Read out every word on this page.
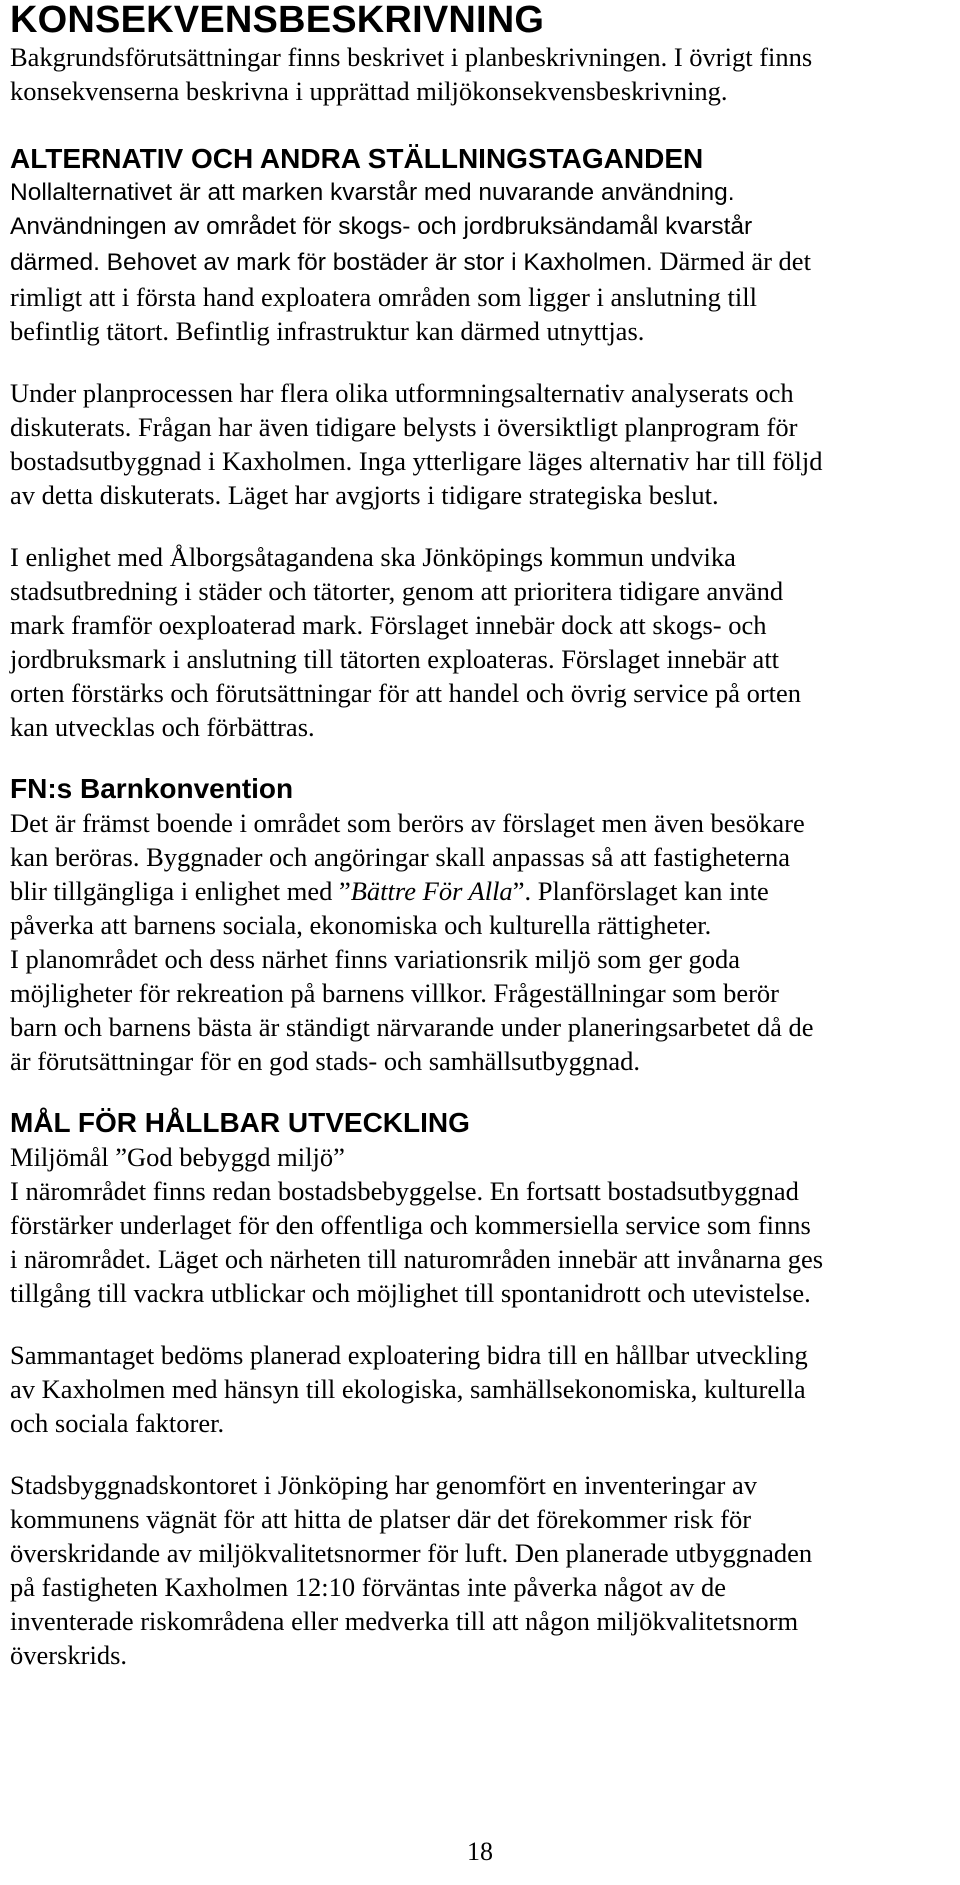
KONSEKVENSBESKRIVNING

Bakgrundsförutsättningar finns beskrivet i planbeskrivningen. I övrigt finns

konsekvenserna beskrivna i upprättad miljökonsekvensbeskrivning.

ALTERNATIV OCH ANDRA STÄLLNINGSTAGANDEN

Nollalternativet är att marken kvarstår med nuvarande användning.

Användningen av området för skogs- och jordbruksändamål kvarstår

därmed. Behovet av mark för bostäder är stor i Kaxholmen. Därmed är det

rimligt att i första hand exploatera områden som ligger i anslutning till

befintlig tätort. Befintlig infrastruktur kan därmed utnyttjas.

Under planprocessen har flera olika utformningsalternativ analyserats och

diskuterats. Frågan har även tidigare belysts i översiktligt planprogram för

bostadsutbyggnad i Kaxholmen. Inga ytterligare läges alternativ har till följd

av detta diskuterats. Läget har avgjorts i tidigare strategiska beslut.

I enlighet med Ålborgsåtagandena ska Jönköpings kommun undvika

stadsutbredning i städer och tätorter, genom att prioritera tidigare använd

mark framför oexploaterad mark. Förslaget innebär dock att skogs- och

jordbruksmark i anslutning till tätorten exploateras. Förslaget innebär att

orten förstärks och förutsättningar för att handel och övrig service på orten

kan utvecklas och förbättras.

FN:s Barnkonvention

Det är främst boende i området som berörs av förslaget men även besökare

kan beröras. Byggnader och angöringar skall anpassas så att fastigheterna

blir tillgängliga i enlighet med ”Bättre För Alla”. Planförslaget kan inte

påverka att barnens sociala, ekonomiska och kulturella rättigheter.

I planområdet och dess närhet finns variationsrik miljö som ger goda

möjligheter för rekreation på barnens villkor. Frågeställningar som berör

barn och barnens bästa är ständigt närvarande under planeringsarbetet då de

är förutsättningar för en god stads- och samhällsutbyggnad.

MÅL FÖR HÅLLBAR UTVECKLING

Miljömål ”God bebyggd miljö”

I närområdet finns redan bostadsbebyggelse. En fortsatt bostadsutbyggnad

förstärker underlaget för den offentliga och kommersiella service som finns

i närområdet. Läget och närheten till naturområden innebär att invånarna ges

tillgång till vackra utblickar och möjlighet till spontanidrott och utevistelse.

Sammantaget bedöms planerad exploatering bidra till en hållbar utveckling

av Kaxholmen med hänsyn till ekologiska, samhällsekonomiska, kulturella

och sociala faktorer.

Stadsbyggnadskontoret i Jönköping har genomfört en inventeringar av

kommunens vägnät för att hitta de platser där det förekommer risk för

överskridande av miljökvalitetsnormer för luft. Den planerade utbyggnaden

på fastigheten Kaxholmen 12:10 förväntas inte påverka något av de

inventerade riskområdena eller medverka till att någon miljökvalitetsnorm

överskrids.

18
